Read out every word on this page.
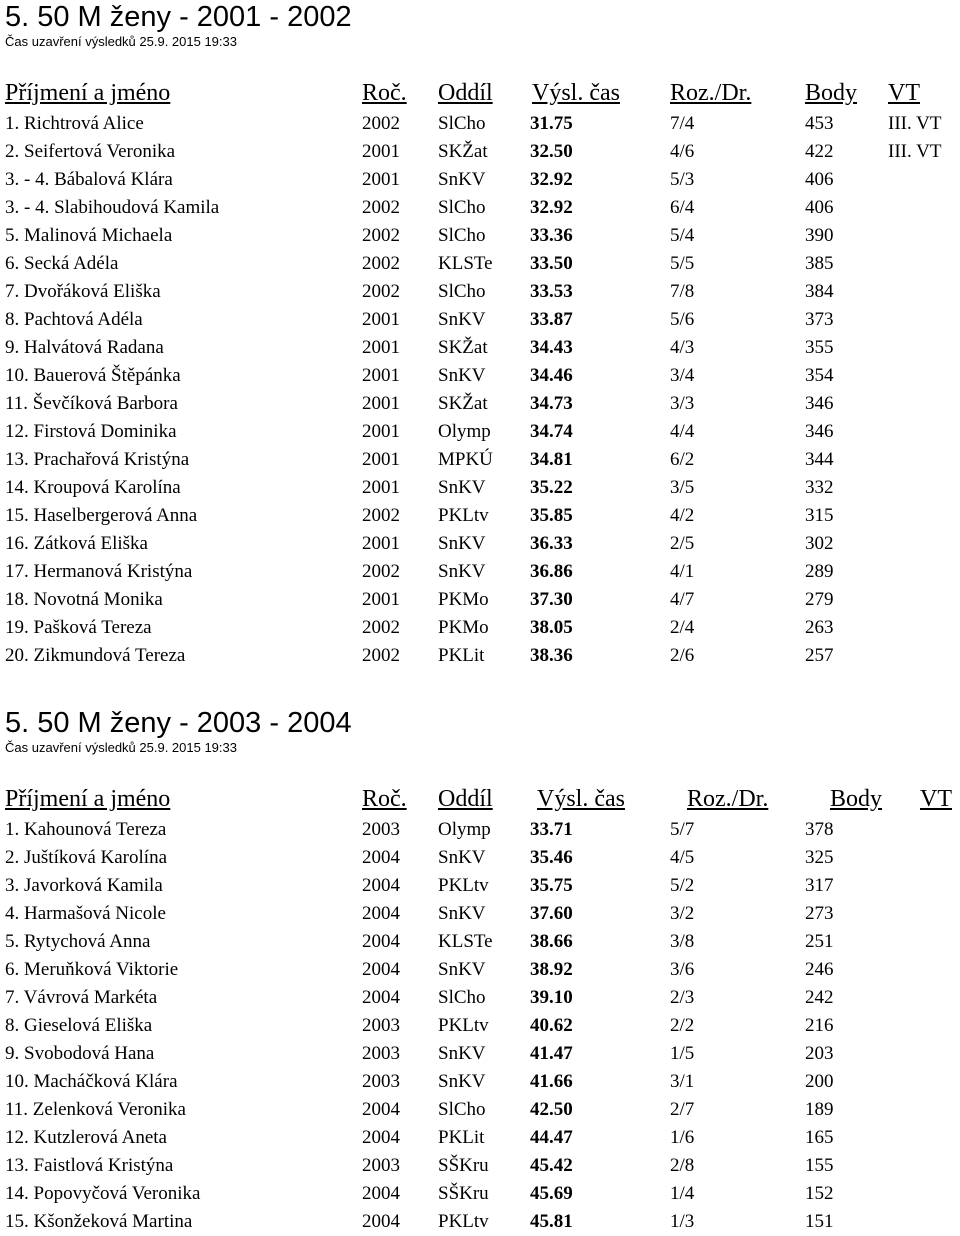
5. 50 M ženy - 2001 - 2002
Čas uzavření výsledků 25.9. 2015 19:33
Příjmení a jméno	Roč. Oddíl Výsl. čas Roz./Dr. Body VT
1. Richtrová Alice	2002 SlCho 31.75	7/4	453	III. VT
2. Seifertová Veronika	2001 SKŽat 32.50	4/6	422	III. VT
3. - 4. Bábalová Klára	2001 SnKV 32.92	5/3	406
3. - 4. Slabihoudová Kamila	2002 SlCho 32.92	6/4	406
5. Malinová Michaela	2002 SlCho 33.36	5/4	390
6. Secká Adéla	2002 KLSTe 33.50	5/5	385
7. Dvořáková Eliška	2002 SlCho 33.53	7/8	384
8. Pachtová Adéla	2001 SnKV 33.87	5/6	373
9. Halvátová Radana	2001 SKŽat 34.43	4/3	355
10. Bauerová Štěpánka	2001 SnKV 34.46	3/4	354
11. Ševčíková Barbora	2001 SKŽat 34.73	3/3	346
12. Firstová Dominika	2001 Olymp 34.74	4/4	346
13. Prachařová Kristýna	2001 MPKÚ 34.81	6/2	344
14. Kroupová Karolína	2001 SnKV 35.22	3/5	332
15. Haselbergerová Anna	2002 PKLtv 35.85	4/2	315
16. Zátková Eliška	2001 SnKV 36.33	2/5	302
17. Hermanová Kristýna	2002 SnKV 36.86	4/1	289
18. Novotná Monika	2001 PKMo 37.30	4/7	279
19. Pašková Tereza	2002 PKMo 38.05	2/4	263
20. Zikmundová Tereza	2002 PKLit 38.36	2/6	257
5. 50 M ženy - 2003 - 2004
Čas uzavření výsledků 25.9. 2015 19:33
Příjmení a jméno	Roč. Oddíl Výsl. čas	Roz./Dr.	Body VT
1. Kahounová Tereza	2003 Olymp 33.71	5/7	378
2. Juštíková Karolína	2004 SnKV 35.46	4/5	325
3. Javorková Kamila	2004 PKLtv 35.75	5/2	317
4. Harmašová Nicole	2004 SnKV 37.60	3/2	273
5. Rytychová Anna	2004 KLSTe 38.66	3/8	251
6. Meruňková Viktorie	2004 SnKV 38.92	3/6	246
7. Vávrová Markéta	2004 SlCho 39.10	2/3	242
8. Gieselová Eliška	2003 PKLtv 40.62	2/2	216
9. Svobodová Hana	2003 SnKV 41.47	1/5	203
10. Macháčková Klára	2003 SnKV 41.66	3/1	200
11. Zelenková Veronika	2004 SlCho 42.50	2/7	189
12. Kutzlerová Aneta	2004 PKLit 44.47	1/6	165
13. Faistlová Kristýna	2003 SŠKru 45.42	2/8	155
14. Popovyčová Veronika	2004 SŠKru 45.69	1/4	152
15. Kšonžeková Martina	2004 PKLtv 45.81	1/3	151
